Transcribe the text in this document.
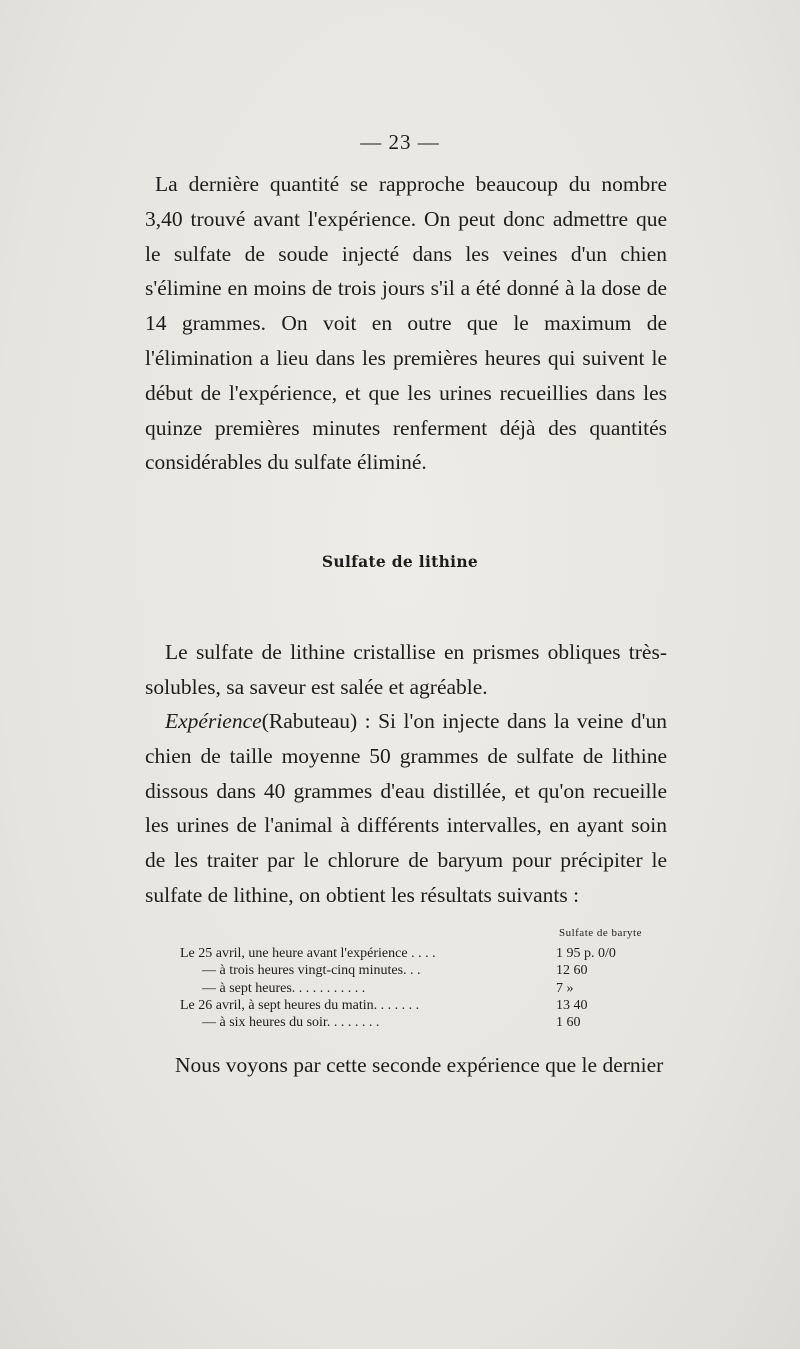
— 23 —

La dernière quantité se rapproche beaucoup du nombre 3,40 trouvé avant l'expérience. On peut donc admettre que le sulfate de soude injecté dans les veines d'un chien s'élimine en moins de trois jours s'il a été donné à la dose de 14 grammes. On voit en outre que le maximum de l'élimination a lieu dans les premières heures qui suivent le début de l'expérience, et que les urines recueillies dans les quinze premières minutes renferment déjà des quantités considérables du sulfate éliminé.

Sulfate de lithine

Le sulfate de lithine cristallise en prismes obliques très-solubles, sa saveur est salée et agréable.

Expérience(Rabuteau) : Si l'on injecte dans la veine d'un chien de taille moyenne 50 grammes de sulfate de lithine dissous dans 40 grammes d'eau distillée, et qu'on recueille les urines de l'animal à différents intervalles, en ayant soin de les traiter par le chlorure de baryum pour précipiter le sulfate de lithine, on obtient les résultats suivants :

Sulfate de baryte
Le 25 avril, une heure avant l'expérience . . . .	1 95 p. 0/0
— à trois heures vingt-cinq minutes. . .	12 60
— à sept heures. . . . . . . . . . .	7 »
Le 26 avril, à sept heures du matin. . . . . . .	13 40
— à six heures du soir. . . . . . . .	1 60

Nous voyons par cette seconde expérience que le dernier
